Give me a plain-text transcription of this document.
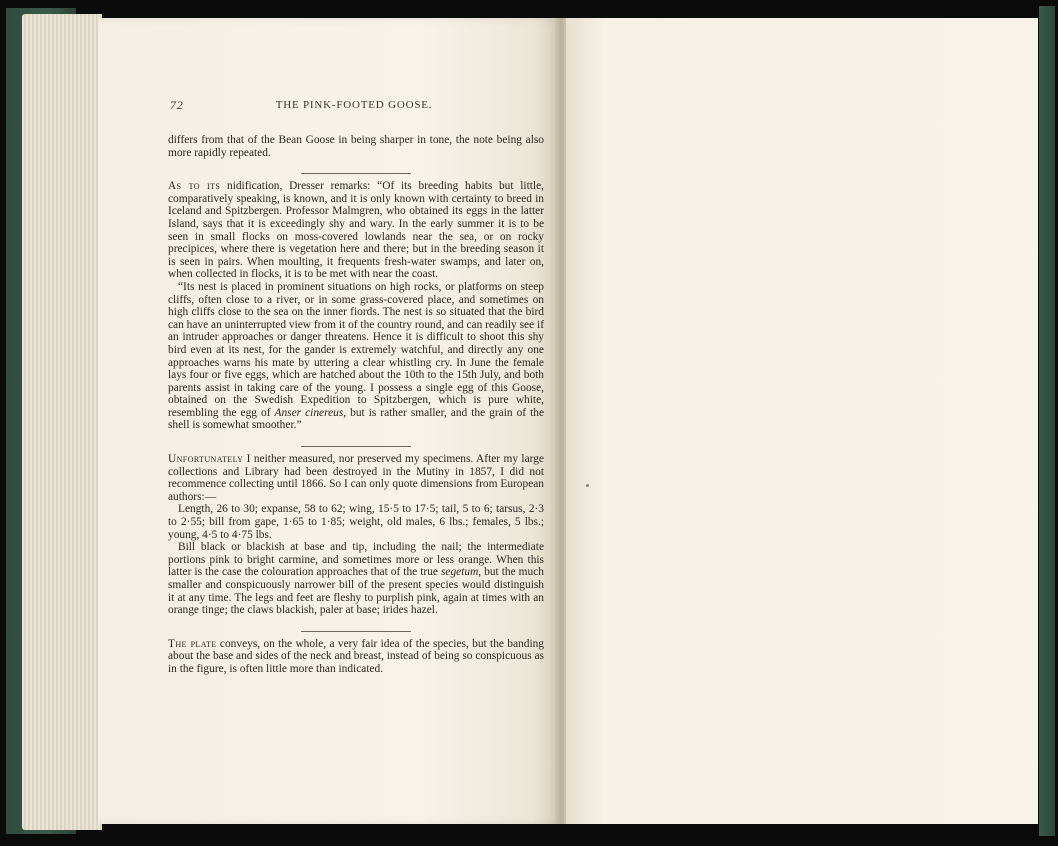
72	THE PINK-FOOTED GOOSE.

differs from that of the Bean Goose in being sharper in tone, the note being also more rapidly repeated.

As to its nidification, Dresser remarks: “Of its breeding habits but little, comparatively speaking, is known, and it is only known with certainty to breed in Iceland and Spitzbergen. Professor Malmgren, who obtained its eggs in the latter Island, says that it is exceedingly shy and wary. In the early summer it is to be seen in small flocks on moss-covered lowlands near the sea, or on rocky precipices, where there is vegetation here and there; but in the breeding season it is seen in pairs. When moulting, it frequents fresh-water swamps, and later on, when collected in flocks, it is to be met with near the coast.

“Its nest is placed in prominent situations on high rocks, or platforms on steep cliffs, often close to a river, or in some grass-covered place, and sometimes on high cliffs close to the sea on the inner fiords. The nest is so situated that the bird can have an uninterrupted view from it of the country round, and can readily see if an intruder approaches or danger threatens. Hence it is difficult to shoot this shy bird even at its nest, for the gander is extremely watchful, and directly any one approaches warns his mate by uttering a clear whistling cry. In June the female lays four or five eggs, which are hatched about the 10th to the 15th July, and both parents assist in taking care of the young. I possess a single egg of this Goose, obtained on the Swedish Expedition to Spitzbergen, which is pure white, resembling the egg of Anser cinereus, but is rather smaller, and the grain of the shell is somewhat smoother.”

Unfortunately I neither measured, nor preserved my specimens. After my large collections and Library had been destroyed in the Mutiny in 1857, I did not recommence collecting until 1866. So I can only quote dimensions from European authors:—

Length, 26 to 30; expanse, 58 to 62; wing, 15·5 to 17·5; tail, 5 to 6; tarsus, 2·3 to 2·55; bill from gape, 1·65 to 1·85; weight, old males, 6 lbs.; females, 5 lbs.; young, 4·5 to 4·75 lbs.

Bill black or blackish at base and tip, including the nail; the intermediate portions pink to bright carmine, and sometimes more or less orange. When this latter is the case the colouration approaches that of the true segetum, but the much smaller and conspicuously narrower bill of the present species would distinguish it at any time. The legs and feet are fleshy to purplish pink, again at times with an orange tinge; the claws blackish, paler at base; irides hazel.

The plate conveys, on the whole, a very fair idea of the species, but the banding about the base and sides of the neck and breast, instead of being so conspicuous as in the figure, is often little more than indicated.
